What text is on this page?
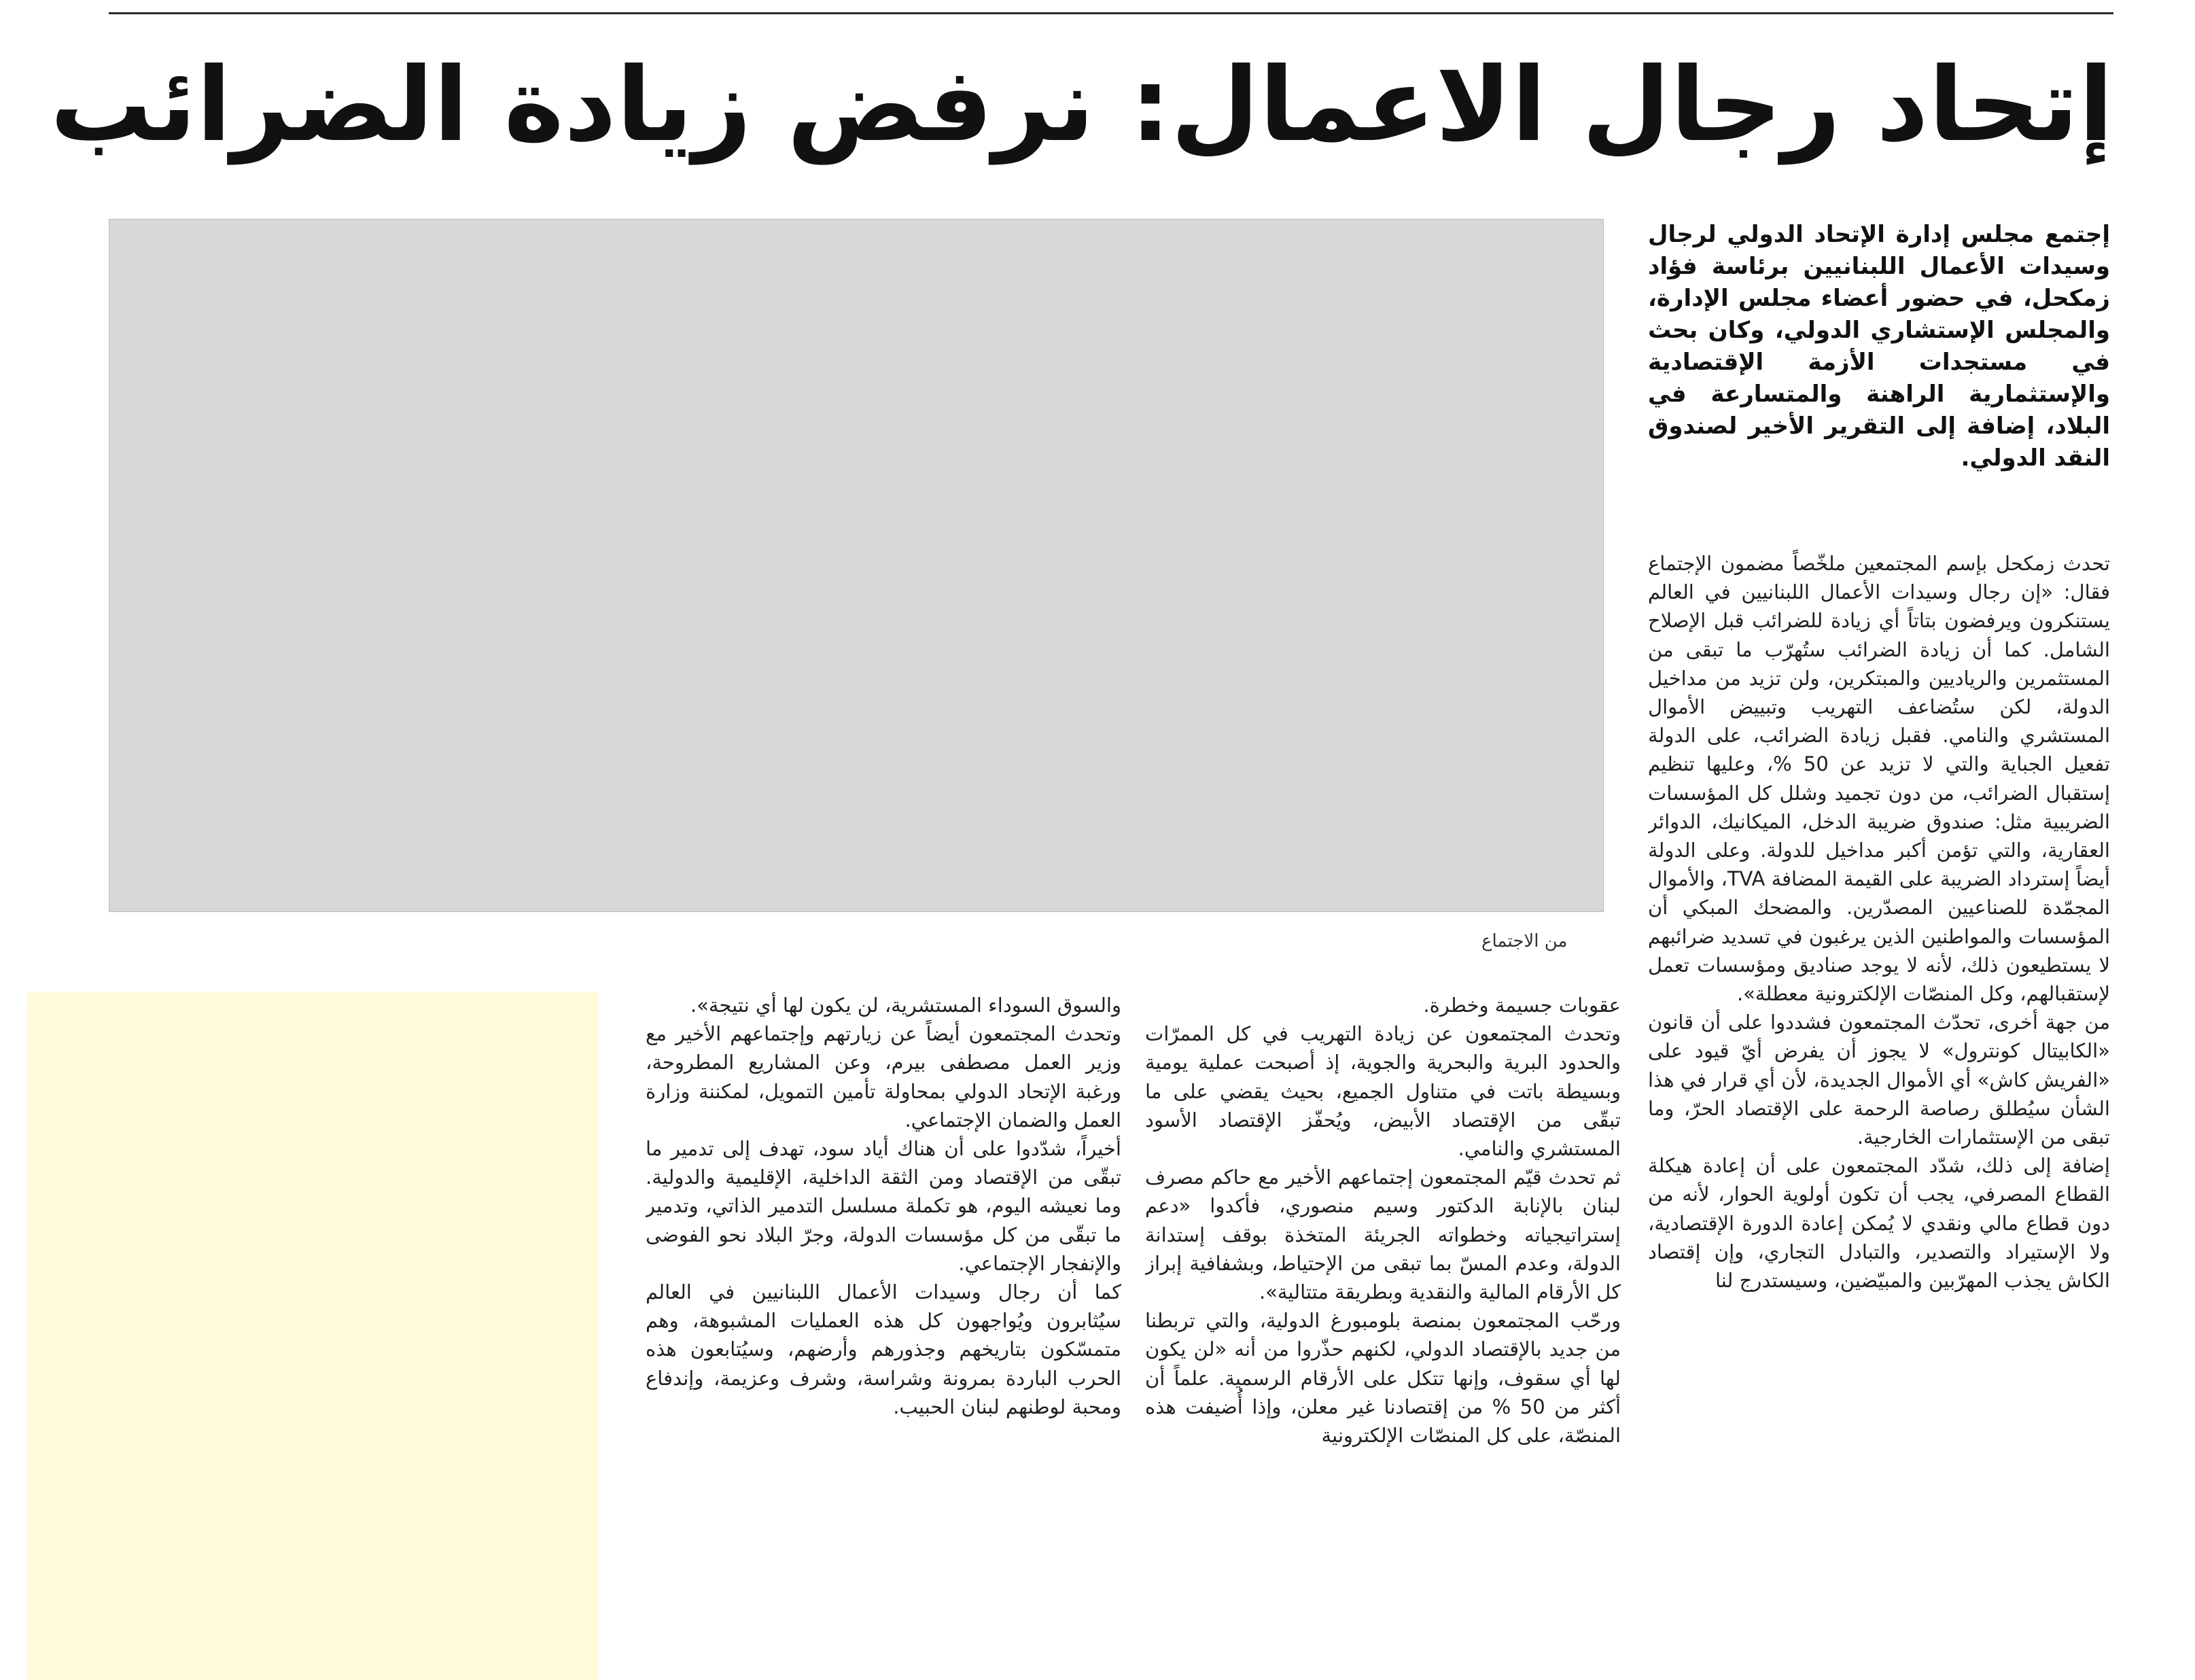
إتحاد رجال الاعمال: نرفض زيادة الضرائب
من الاجتماع

إجتمع مجلس إدارة الإتحاد الدولي لرجال وسيدات الأعمال اللبنانيين برئاسة فؤاد زمكحل، في حضور أعضاء مجلس الإدارة، والمجلس الإستشاري الدولي، وكان بحث في مستجدات الأزمة الإقتصادية والإستثمارية الراهنة والمتسارعة في البلاد، إضافة إلى التقرير الأخير لصندوق النقد الدولي.

تحدث زمكحل بإسم المجتمعين ملخّصاً مضمون الإجتماع فقال: «إن رجال وسيدات الأعمال اللبنانيين في العالم يستنكرون ويرفضون بتاتاً أي زيادة للضرائب قبل الإصلاح الشامل. كما أن زيادة الضرائب ستُهرّب ما تبقى من المستثمرين والرياديين والمبتكرين، ولن تزيد من مداخيل الدولة، لكن ستُضاعف التهريب وتبييض الأموال المستشري والنامي. فقبل زيادة الضرائب، على الدولة تفعيل الجباية والتي لا تزيد عن 50 %، وعليها تنظيم إستقبال الضرائب، من دون تجميد وشلل كل المؤسسات الضريبية مثل: صندوق ضريبة الدخل، الميكانيك، الدوائر العقارية، والتي تؤمن أكبر مداخيل للدولة. وعلى الدولة أيضاً إسترداد الضريبة على القيمة المضافة TVA، والأموال المجمّدة للصناعيين المصدّرين. والمضحك المبكي أن المؤسسات والمواطنين الذين يرغبون في تسديد ضرائبهم لا يستطيعون ذلك، لأنه لا يوجد صناديق ومؤسسات تعمل لإستقبالهم، وكل المنصّات الإلكترونية معطلة».

من جهة أخرى، تحدّث المجتمعون فشددوا على أن قانون «الكابيتال كونترول» لا يجوز أن يفرض أيّ قيود على «الفريش كاش» أي الأموال الجديدة، لأن أي قرار في هذا الشأن سيُطلق رصاصة الرحمة على الإقتصاد الحرّ، وما تبقى من الإستثمارات الخارجية.

إضافة إلى ذلك، شدّد المجتمعون على أن إعادة هيكلة القطاع المصرفي، يجب أن تكون أولوية الحوار، لأنه من دون قطاع مالي ونقدي لا يُمكن إعادة الدورة الإقتصادية، ولا الإستيراد والتصدير، والتبادل التجاري، وإن إقتصاد الكاش يجذب المهرّبين والمبيّضين، وسيستدرج لنا

عقوبات جسيمة وخطرة.

وتحدث المجتمعون عن زيادة التهريب في كل الممرّات والحدود البرية والبحرية والجوية، إذ أصبحت عملية يومية وبسيطة باتت في متناول الجميع، بحيث يقضي على ما تبقّى من الإقتصاد الأبيض، ويُحفّز الإقتصاد الأسود المستشري والنامي.

ثم تحدث قيّم المجتمعون إجتماعهم الأخير مع حاكم مصرف لبنان بالإنابة الدكتور وسيم منصوري، فأكدوا «دعم إستراتيجياته وخطواته الجريئة المتخذة بوقف إستدانة الدولة، وعدم المسّ بما تبقى من الإحتياط، وبشفافية إبراز كل الأرقام المالية والنقدية وبطريقة متتالية».

ورحّب المجتمعون بمنصة بلومبورغ الدولية، والتي تربطنا من جديد بالإقتصاد الدولي، لكنهم حذّروا من أنه «لن يكون لها أي سقوف، وإنها تتكل على الأرقام الرسمية. علماً أن أكثر من 50 % من إقتصادنا غير معلن، وإذا أُضيفت هذه المنصّة، على كل المنصّات الإلكترونية

والسوق السوداء المستشرية، لن يكون لها أي نتيجة».

وتحدث المجتمعون أيضاً عن زيارتهم وإجتماعهم الأخير مع وزير العمل مصطفى بيرم، وعن المشاريع المطروحة، ورغبة الإتحاد الدولي بمحاولة تأمين التمويل، لمكننة وزارة العمل والضمان الإجتماعي.

أخيراً، شدّدوا على أن هناك أياد سود، تهدف إلى تدمير ما تبقّى من الإقتصاد ومن الثقة الداخلية، الإقليمية والدولية. وما نعيشه اليوم، هو تكملة مسلسل التدمير الذاتي، وتدمير ما تبقّى من كل مؤسسات الدولة، وجرّ البلاد نحو الفوضى والإنفجار الإجتماعي.

كما أن رجال وسيدات الأعمال اللبنانيين في العالم سيُثابرون ويُواجهون كل هذه العمليات المشبوهة، وهم متمسّكون بتاريخهم وجذورهم وأرضهم، وسيُتابعون هذه الحرب الباردة بمرونة وشراسة، وشرف وعزيمة، وإندفاع ومحبة لوطنهم لبنان الحبيب.
